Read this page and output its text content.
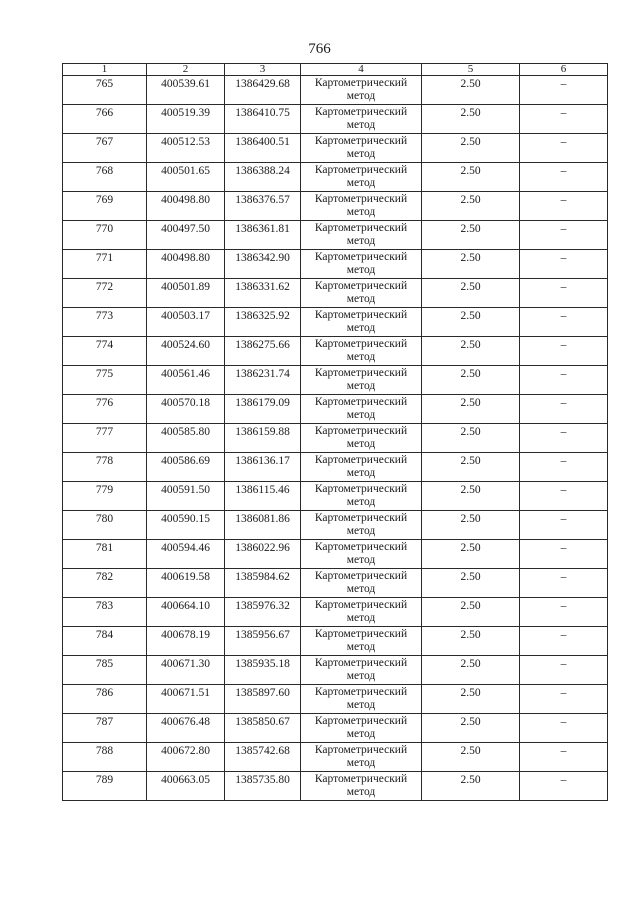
766
1	2	3	4	5	6
765	400539.61	1386429.68	Картометрический метод	2.50	–
766	400519.39	1386410.75	Картометрический метод	2.50	–
767	400512.53	1386400.51	Картометрический метод	2.50	–
768	400501.65	1386388.24	Картометрический метод	2.50	–
769	400498.80	1386376.57	Картометрический метод	2.50	–
770	400497.50	1386361.81	Картометрический метод	2.50	–
771	400498.80	1386342.90	Картометрический метод	2.50	–
772	400501.89	1386331.62	Картометрический метод	2.50	–
773	400503.17	1386325.92	Картометрический метод	2.50	–
774	400524.60	1386275.66	Картометрический метод	2.50	–
775	400561.46	1386231.74	Картометрический метод	2.50	–
776	400570.18	1386179.09	Картометрический метод	2.50	–
777	400585.80	1386159.88	Картометрический метод	2.50	–
778	400586.69	1386136.17	Картометрический метод	2.50	–
779	400591.50	1386115.46	Картометрический метод	2.50	–
780	400590.15	1386081.86	Картометрический метод	2.50	–
781	400594.46	1386022.96	Картометрический метод	2.50	–
782	400619.58	1385984.62	Картометрический метод	2.50	–
783	400664.10	1385976.32	Картометрический метод	2.50	–
784	400678.19	1385956.67	Картометрический метод	2.50	–
785	400671.30	1385935.18	Картометрический метод	2.50	–
786	400671.51	1385897.60	Картометрический метод	2.50	–
787	400676.48	1385850.67	Картометрический метод	2.50	–
788	400672.80	1385742.68	Картометрический метод	2.50	–
789	400663.05	1385735.80	Картометрический метод	2.50	–
